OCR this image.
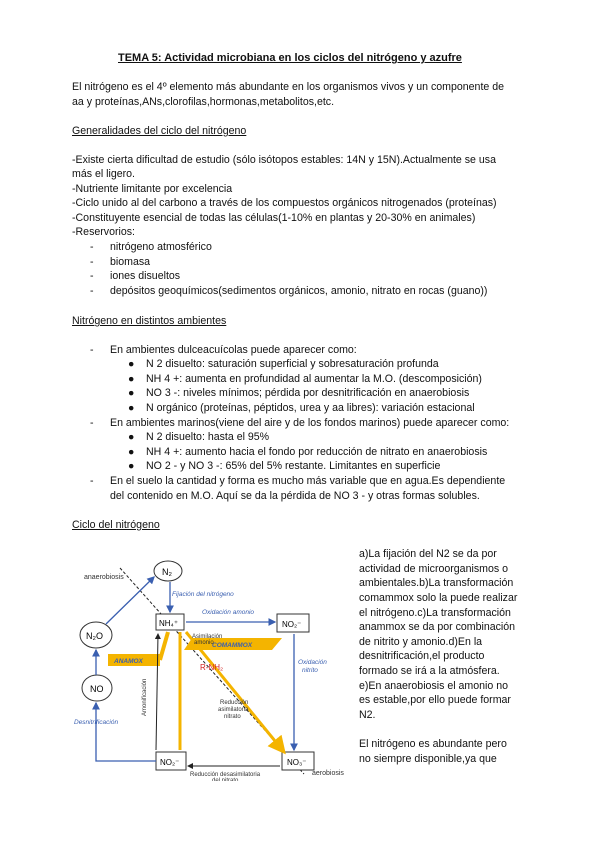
TEMA 5: Actividad microbiana en los ciclos del nitrógeno y azufre
El nitrógeno es el 4º elemento más abundante en los organismos vivos y un componente de
aa y proteínas,ANs,clorofilas,hormonas,metabolitos,etc.
Generalidades del ciclo del nitrógeno
-Existe cierta dificultad de estudio (sólo isótopos estables: 14N y 15N).Actualmente se usa
más el ligero.
-Nutriente limitante por excelencia
-Ciclo unido al del carbono a través de los compuestos orgánicos nitrogenados (proteínas)
-Constituyente esencial de todas las células(1-10% en plantas y 20-30% en animales)
-Reservorios:
- nitrógeno atmosférico
- biomasa
- iones disueltos
- depósitos geoquímicos(sedimentos orgánicos, amonio, nitrato en rocas (guano))
Nitrógeno en distintos ambientes
- En ambientes dulceacuícolas puede aparecer como:
● N 2 disuelto: saturación superficial y sobresaturación profunda
● NH 4 +: aumenta en profundidad al aumentar la M.O. (descomposición)
● NO 3 -: niveles mínimos; pérdida por desnitrificación en anaerobiosis
● N orgánico (proteínas, péptidos, urea y aa libres): variación estacional
- En ambientes marinos(viene del aire y de los fondos marinos) puede aparecer como:
● N 2 disuelto: hasta el 95%
● NH 4 +: aumento hacia el fondo por reducción de nitrato en anaerobiosis
● NO 2 - y NO 3 -: 65% del 5% restante. Limitantes en superficie
- En el suelo la cantidad y forma es mucho más variable que en agua.Es dependiente
del contenido en M.O. Aquí se da la pérdida de NO 3 - y otras formas solubles.
Ciclo del nitrógeno
a)La fijación del N2 se da por
actividad de microorganismos o
ambientales.b)La transformación
comammox solo la puede realizar
el nitrógeno.c)La transformación
anammox se da por combinación
de nitrito y amonio.d)En la
desnitrificación,el producto
formado se irá a la atmósfera.
e)En anaerobiosis el amonio no
es estable,por ello puede formar
N2.
El nitrógeno es abundante pero
no siempre disponible,ya que
anaerobiosis
aerobiosis
N₂
N₂O
NO
NH₄⁺	NO₂⁻
NO₂⁻	NO₃⁻
ANAMOX
COMAMMOX
Fijación del nitrógeno
Oxidación amonio
Oxidación
nitrito
Desnitrificación
Asimilación
amonio
R-NH₂
Amonificación	Reducción
asimilatoria
nitrato
Reducción desasimilatoria
del nitrato
